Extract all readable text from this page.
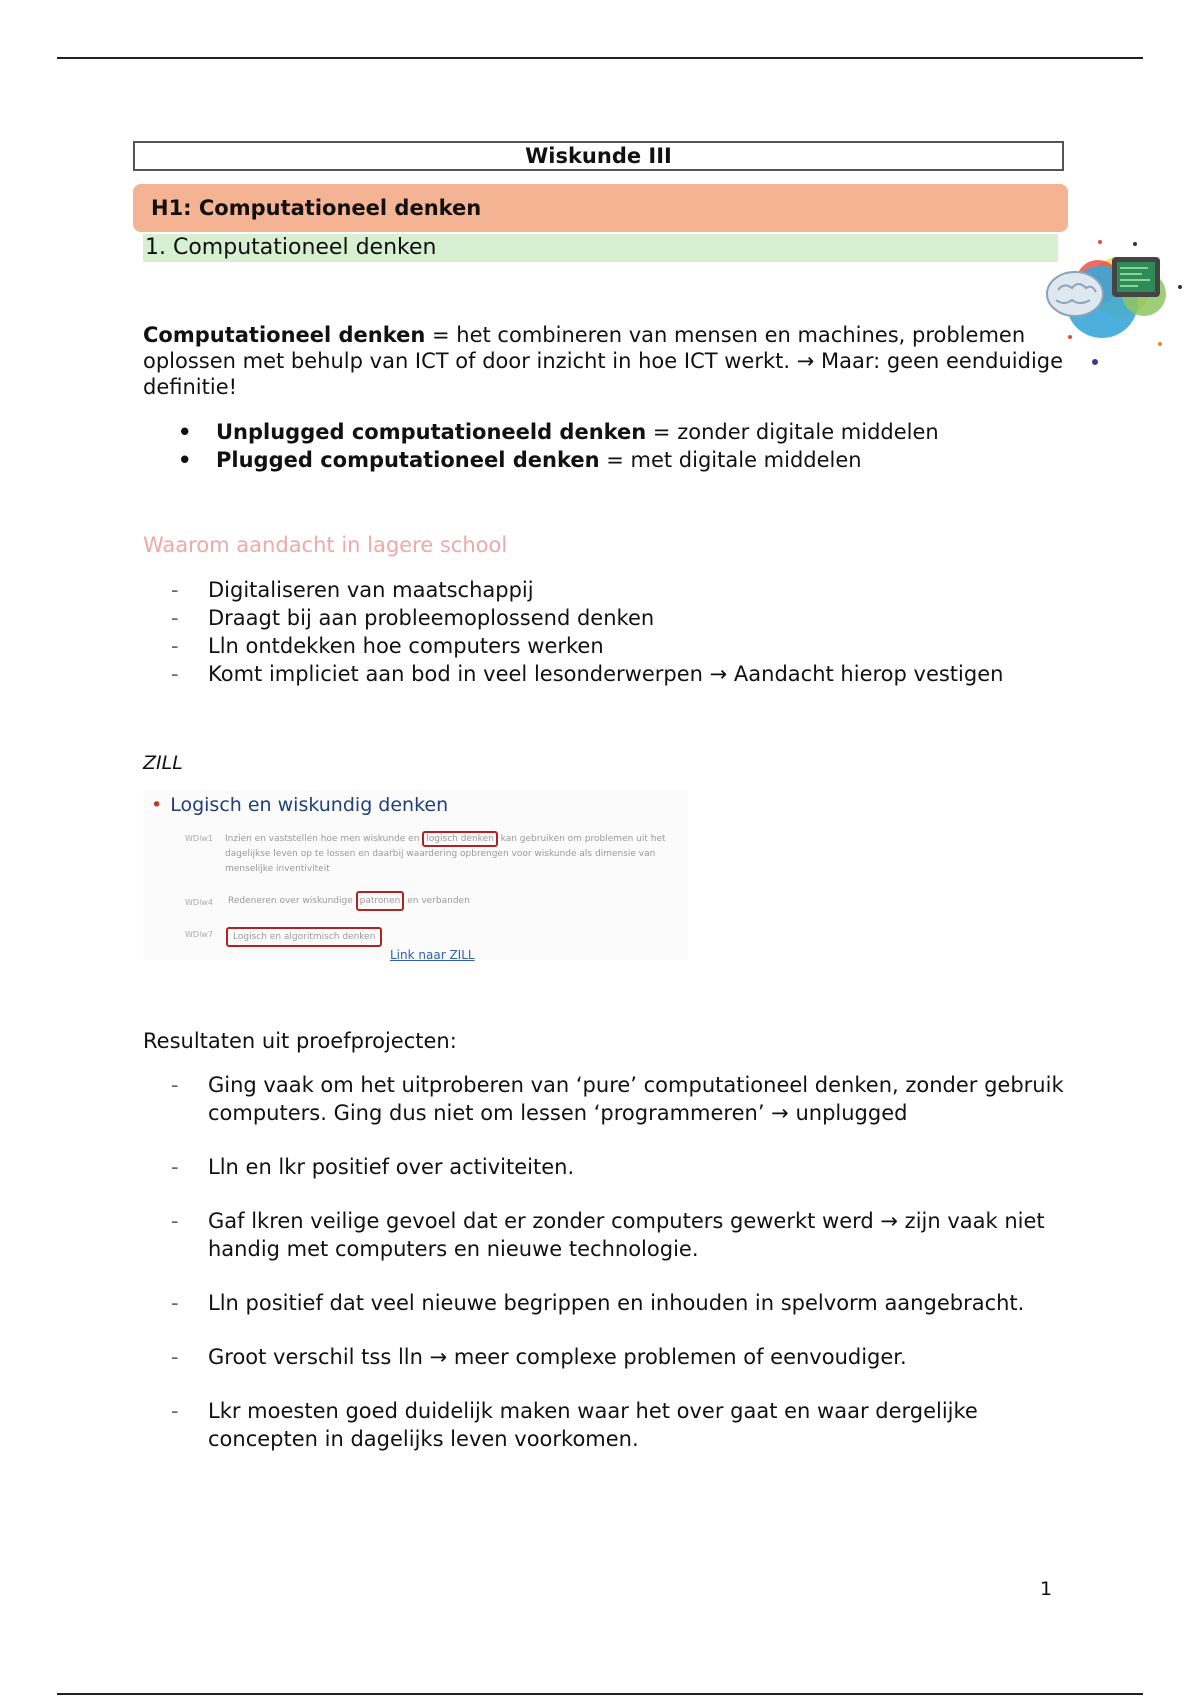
Wiskunde III
H1: Computationeel denken
1. Computationeel denken
Computationeel denken = het combineren van mensen en machines, problemen oplossen met behulp van ICT of door inzicht in hoe ICT werkt. → Maar: geen eenduidige definitie!
• Unplugged computationeeld denken = zonder digitale middelen
• Plugged computationeel denken = met digitale middelen
Waarom aandacht in lagere school
- Digitaliseren van maatschappij
- Draagt bij aan probleemoplossend denken
- Lln ontdekken hoe computers werken
- Komt impliciet aan bod in veel lesonderwerpen → Aandacht hierop vestigen
ZILL
• Logisch en wiskundig denken
WDlw1 Inzien en vaststellen hoe men wiskunde en logisch denken kan gebruiken om problemen uit het
dagelijkse leven op te lossen en daarbij waardering opbrengen voor wiskunde als dimensie van
menselijke inventiviteit
WDlw4 Redeneren over wiskundige patronen en verbanden
WDlw7	Logisch en algoritmisch denken
Link naar ZILL
Resultaten uit proefprojecten:
- Ging vaak om het uitproberen van ‘pure’ computationeel denken, zonder gebruik computers. Ging dus niet om lessen ‘programmeren’ → unplugged
- Lln en lkr positief over activiteiten.
- Gaf lkren veilige gevoel dat er zonder computers gewerkt werd → zijn vaak niet handig met computers en nieuwe technologie.
- Lln positief dat veel nieuwe begrippen en inhouden in spelvorm aangebracht.
- Groot verschil tss lln → meer complexe problemen of eenvoudiger.
- Lkr moesten goed duidelijk maken waar het over gaat en waar dergelijke concepten in dagelijks leven voorkomen.
1
